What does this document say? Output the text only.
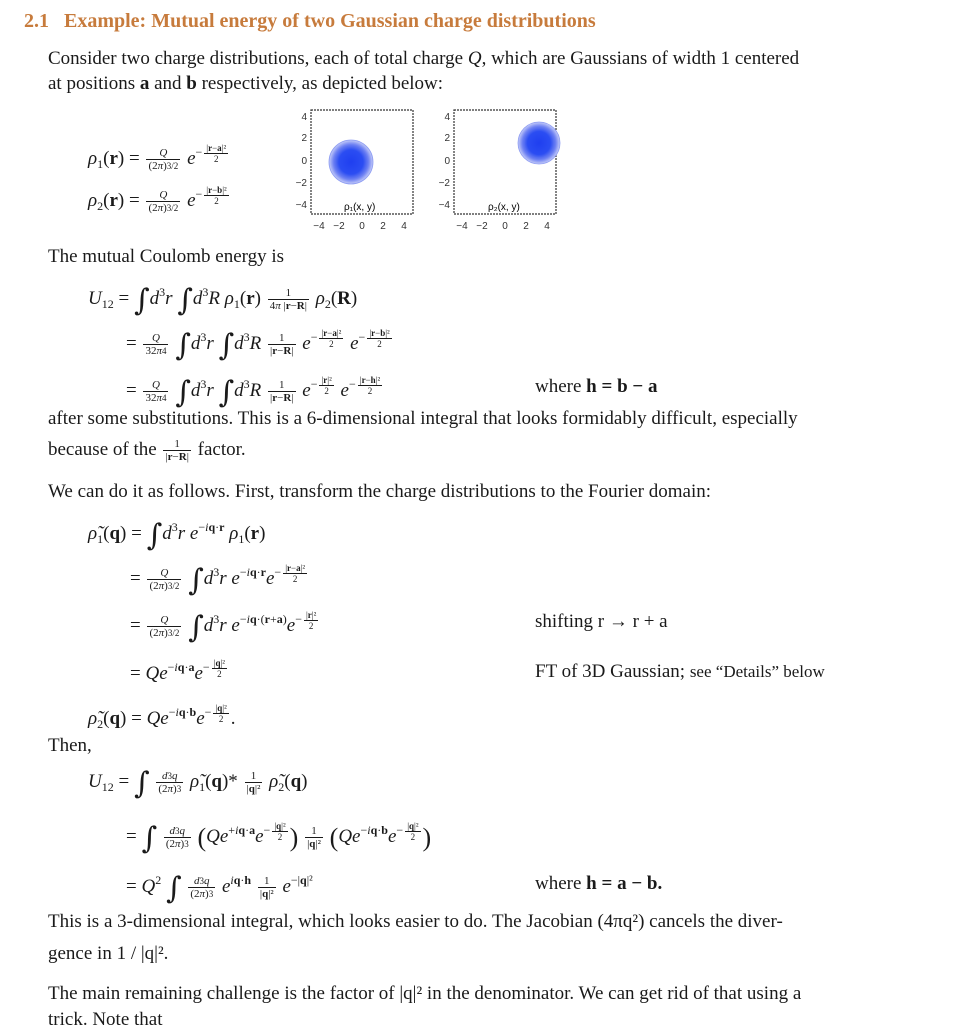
2.1 Example: Mutual energy of two Gaussian charge distributions
Consider two charge distributions, each of total charge Q, which are Gaussians of width 1 centered
at positions a and b respectively, as depicted below:
$\rho_1(r) = \frac{Q}{(2\pi)3/2} e^{- \frac{\text{|r−a|²}}{2}}$
$\rho_2(r) = \frac{Q}{(2\pi)3/2} e^{- \frac{\text{|r−b|²}}{2}}$
ρ₁(x, y)
4
2
0
−2
−4
−4 −2 0 2 4
ρ₂(x, y)
4
2
0
−2
−4
−4 −2 0 2 4
The mutual Coulomb energy is
$U_{12} = \int d^3r$ $\int d^3R$ $\rho_1(r) \frac{1}{4\pi |r-R|} \rho_2(R)$
= $\frac{Q}{32\pi 4} \int d^3r$ $\int d^3R \frac{1}{|r-R|} e^{- \frac{\text{|r−a|²}}{2}}$ $e^{- \frac{\text{|r−b|²}}{2}}$
= $\frac{Q}{32\pi 4} \int d^3r$ $\int d^3R \frac{1}{|r-R|} e^{- \frac{\text{|r|²}}{2}}$ $e^{- \frac{\text{|r−h|²}}{2}}$	where h = b − a
after some substitutions. This is a 6-dimensional integral that looks formidably difficult, especially
because of the $\frac{1}{|r-R|}$ factor.
We can do it as follows. First, transform the charge distributions to the Fourier domain:
$\rhõ_1(q) = \int d^3r$ $e^{-iq\cdot r}$ $\rho_1(r)$
= $\frac{Q}{(2\pi)3/2} \int d^3r$ $e^{-iq\cdot r}e^{- \frac{\text{|r−a|²}}{2}}$
= $\frac{Q}{(2\pi)3/2} \int d^3r$ $e^{-iq\cdot(r+a)}e^{- \frac{\text{|r|²}}{2}}$	shifting r → r + a
= $Qe^{-iq\cdot a}e^{- \frac{\text{|q|²}}{2}}$	FT of 3D Gaussian; see “Details” below
$\rhõ_2(q) = Qe^{-iq\cdot b}e^{- \frac{\text{|q|²}}{2}}$ .
Then,
$U_{12}$ = ∫ $\frac{d3q}{(2\pi)3}$ $\rhõ_1(q)* \frac{1}{\text{|q|²}}$ $\rhõ_2(q)$
= ∫ $\frac{d3q}{(2\pi)3} (Qe^{+iq\cdot a}e^{- \frac{\text{|q|²}}{2}}$ ) $\frac{1}{\text{|q|²}} (Qe^{-iq\cdot b}e^{- \frac{\text{|q|²}}{2}}$ )
= $Q^2$ ∫ $\frac{d3q}{(2\pi)3} e^{iq\cdot h} \frac{1}{\text{|q|²}} e^{-|q|^2}$	where h = a − b.
This is a 3-dimensional integral, which looks easier to do. The Jacobian (4πq²) cancels the diver-
gence in 1 / |q|².
The main remaining challenge is the factor of |q|² in the denominator. We can get rid of that using a
trick. Note that
